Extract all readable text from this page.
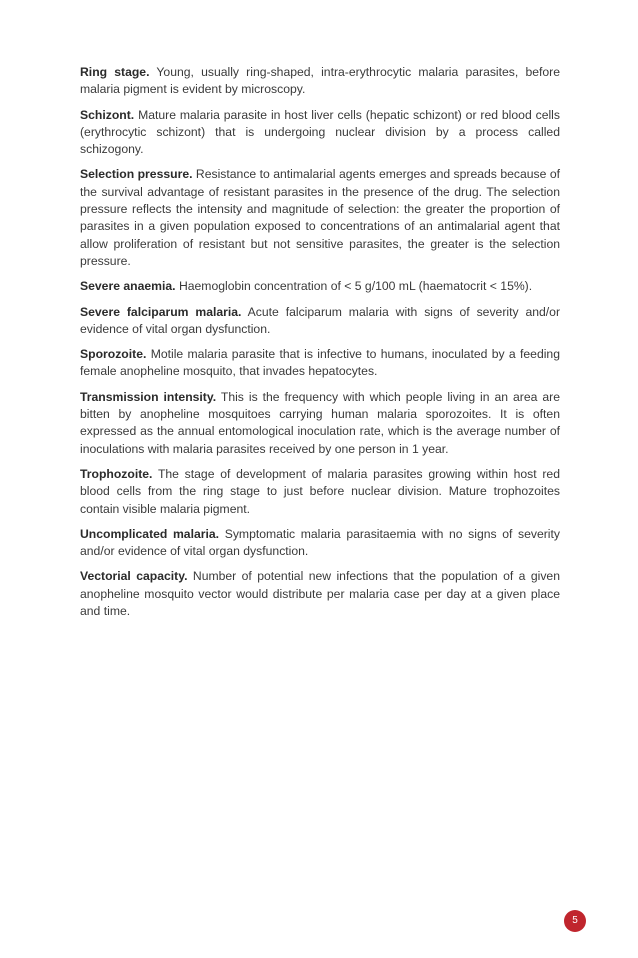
Ring stage. Young, usually ring-shaped, intra-erythrocytic malaria parasites, before malaria pigment is evident by microscopy.

Schizont. Mature malaria parasite in host liver cells (hepatic schizont) or red blood cells (erythrocytic schizont) that is undergoing nuclear division by a process called schizogony.

Selection pressure. Resistance to antimalarial agents emerges and spreads because of the survival advantage of resistant parasites in the presence of the drug. The selection pressure reflects the intensity and magnitude of selection: the greater the proportion of parasites in a given population exposed to concentrations of an antimalarial agent that allow proliferation of resistant but not sensitive parasites, the greater is the selection pressure.

Severe anaemia. Haemoglobin concentration of < 5 g/100 mL (haematocrit < 15%).

Severe falciparum malaria. Acute falciparum malaria with signs of severity and/or evidence of vital organ dysfunction.

Sporozoite. Motile malaria parasite that is infective to humans, inoculated by a feeding female anopheline mosquito, that invades hepatocytes.

Transmission intensity. This is the frequency with which people living in an area are bitten by anopheline mosquitoes carrying human malaria sporozoites. It is often expressed as the annual entomological inoculation rate, which is the average number of inoculations with malaria parasites received by one person in 1 year.

Trophozoite. The stage of development of malaria parasites growing within host red blood cells from the ring stage to just before nuclear division. Mature trophozoites contain visible malaria pigment.

Uncomplicated malaria. Symptomatic malaria parasitaemia with no signs of severity and/or evidence of vital organ dysfunction.

Vectorial capacity. Number of potential new infections that the population of a given anopheline mosquito vector would distribute per malaria case per day at a given place and time.

5
